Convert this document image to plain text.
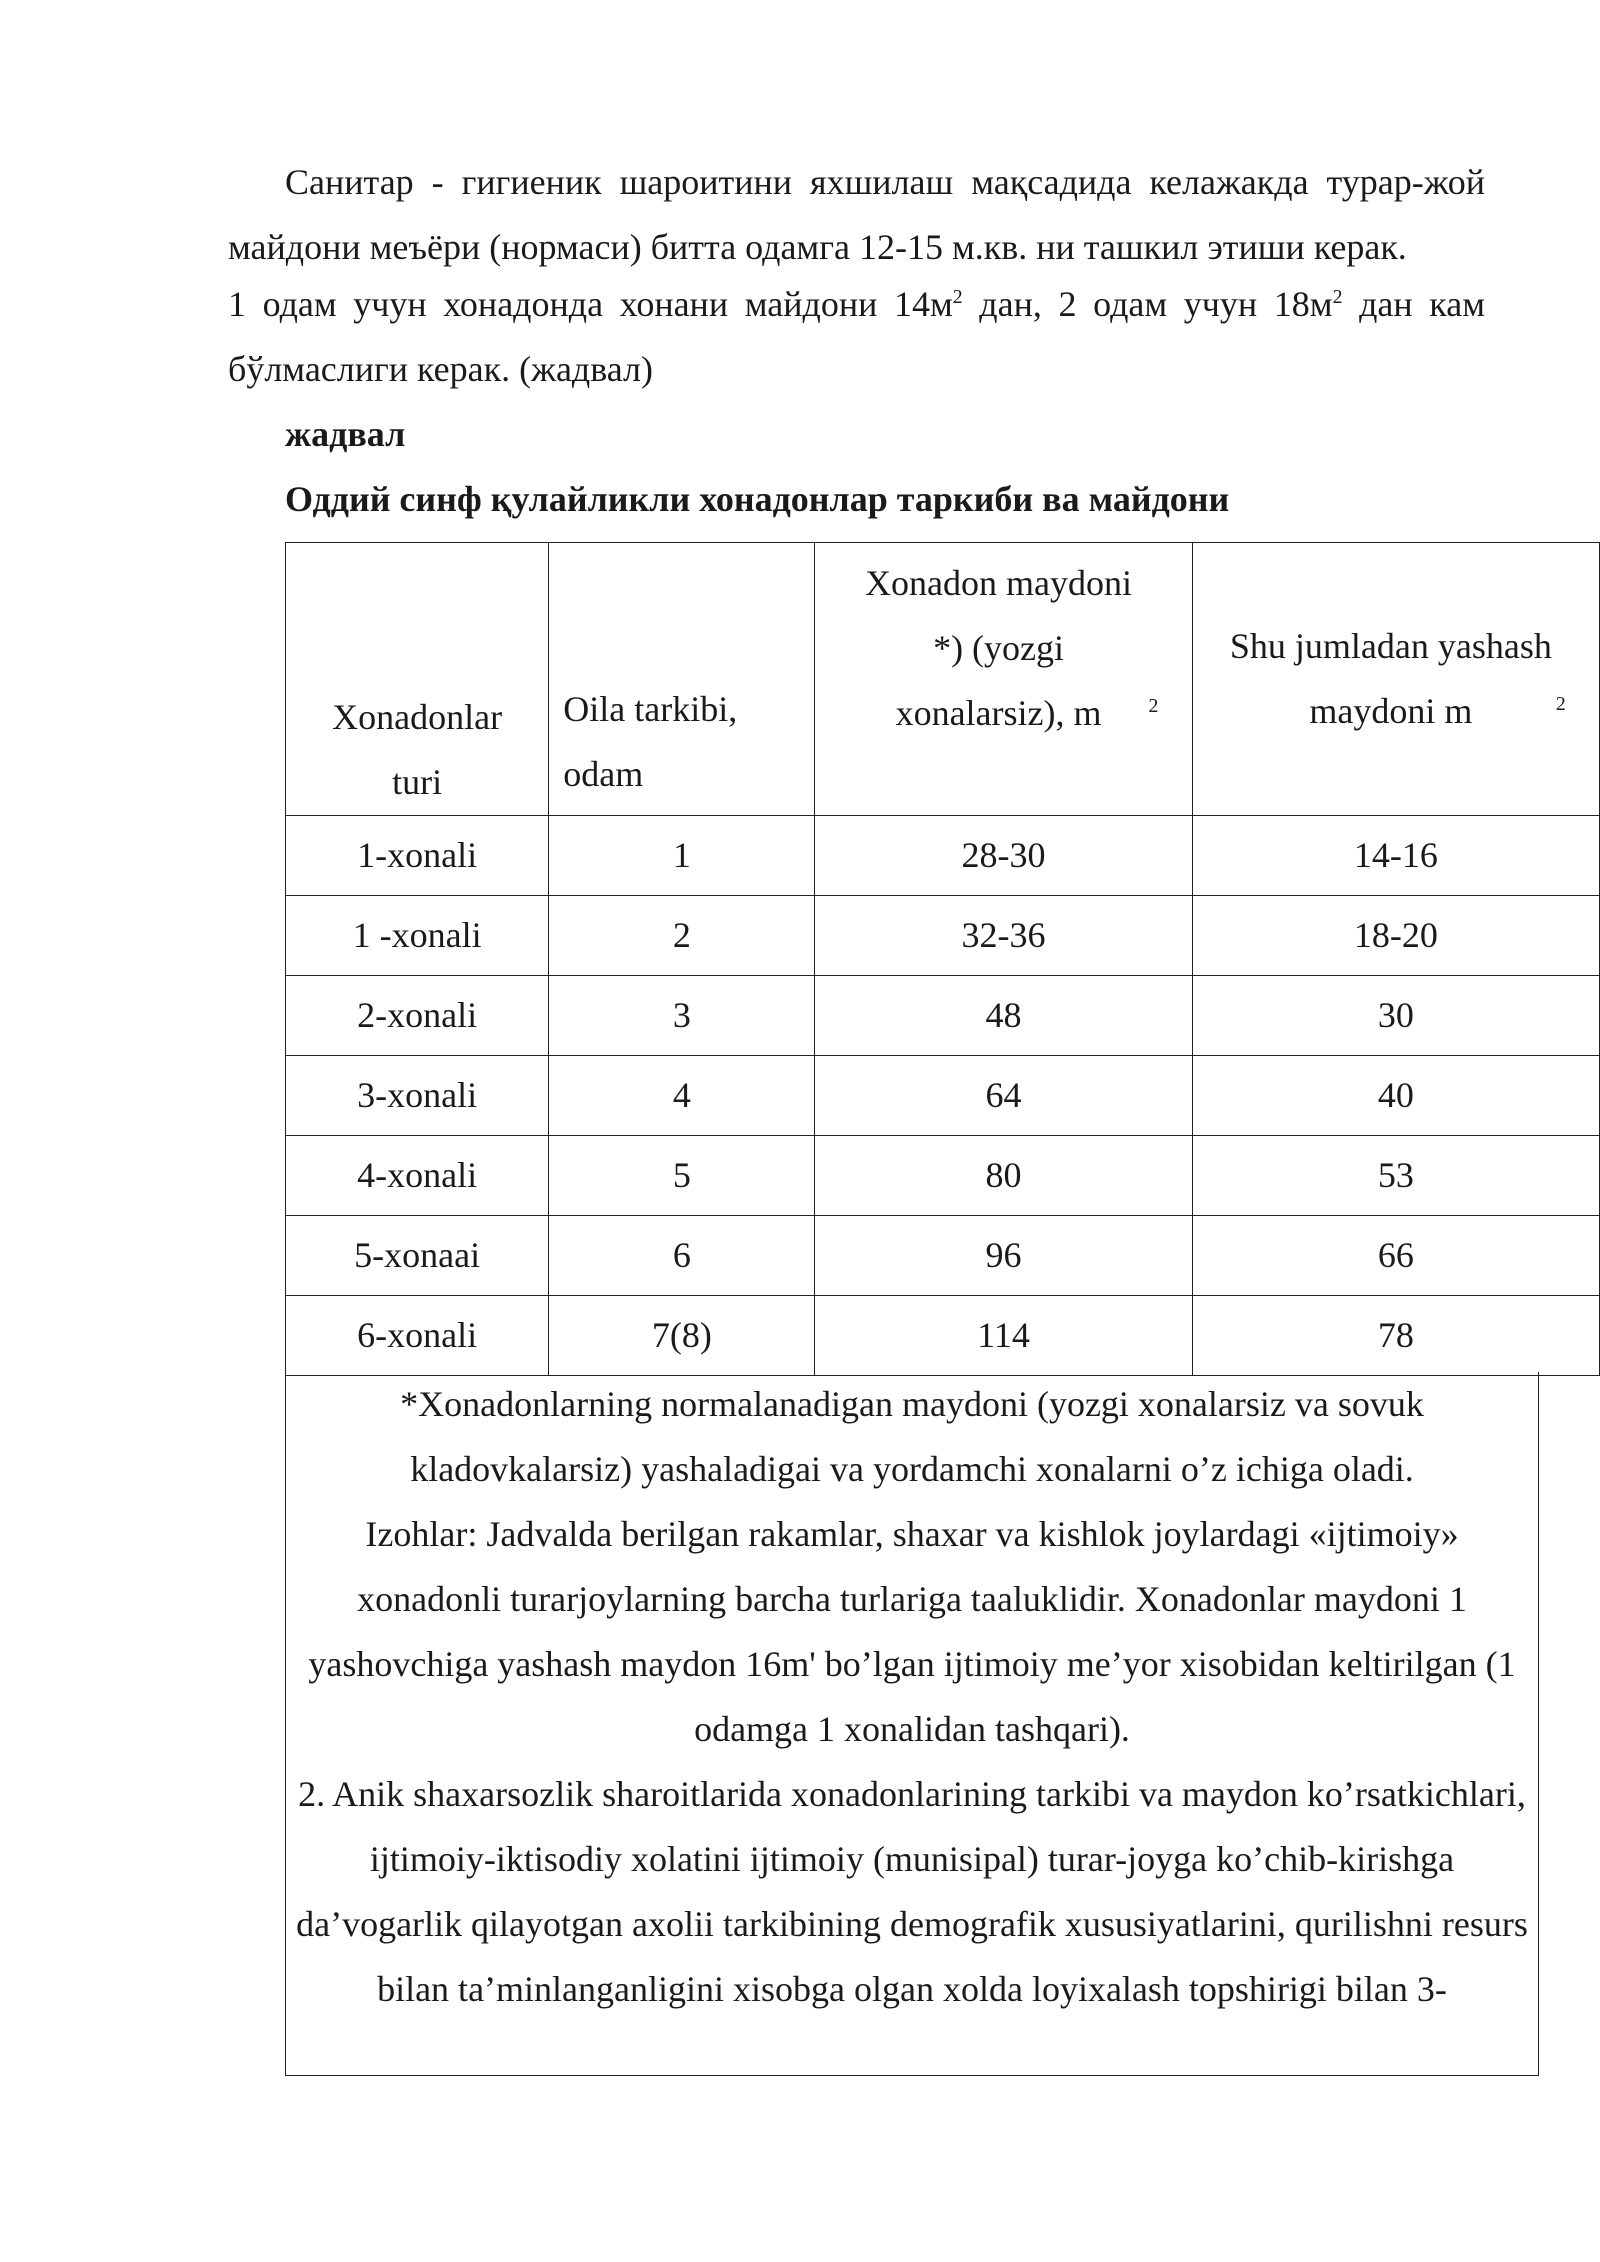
Санитар - гигиеник шароитини яхшилаш мақсадида келажакда турар-жой майдони меъёри (нормаси) битта одамга 12-15 м.кв. ни ташкил этиши керак.

1 одам учун хонадонда хонани майдони $14м^2$ дан, 2 одам учун $18м^2$ дан кам бўлмаслиги керак. (жадвал)

жадвал

Оддий синф қулайликли хонадонлар таркиби ва майдони

Xonadonlar turi	Oila tarkibi, odam	Xonadon maydoni *) (yozgi xonalarsiz), m $^2$	Shu jumladan yashash maydoni m $^2$
1-xonali	1	28-30	14-16
1 -xonali	2	32-36	18-20
2-xonali	3	48	30
3-xonali	4	64	40
4-xonali	5	80	53
5-xonaai	6	96	66
6-xonali	7(8)	114	78

*Xonadonlarning normalanadigan maydoni (yozgi xonalarsiz va sovuk kladovkalarsiz) yashaladigai va yordamchi xonalarni o’z ichiga oladi.

Izohlar: Jadvalda berilgan rakamlar, shaxar va kishlok joylardagi «ijtimoiy» xonadonli turarjoylarning barcha turlariga taaluklidir. Xonadonlar maydoni 1 yashovchiga yashash maydon 16m' bo’lgan ijtimoiy me’yor xisobidan keltirilgan (1 odamga 1 xonalidan tashqari).

2. Anik shaxarsozlik sharoitlarida xonadonlarining tarkibi va maydon ko’rsatkichlari,

ijtimoiy-iktisodiy xolatini ijtimoiy (munisipal) turar-joyga ko’chib-kirishga da’vogarlik qilayotgan axolii tarkibining demografik xususiyatlarini, qurilishni resurs bilan ta’minlanganligini xisobga olgan xolda loyixalash topshirigi bilan 3-
